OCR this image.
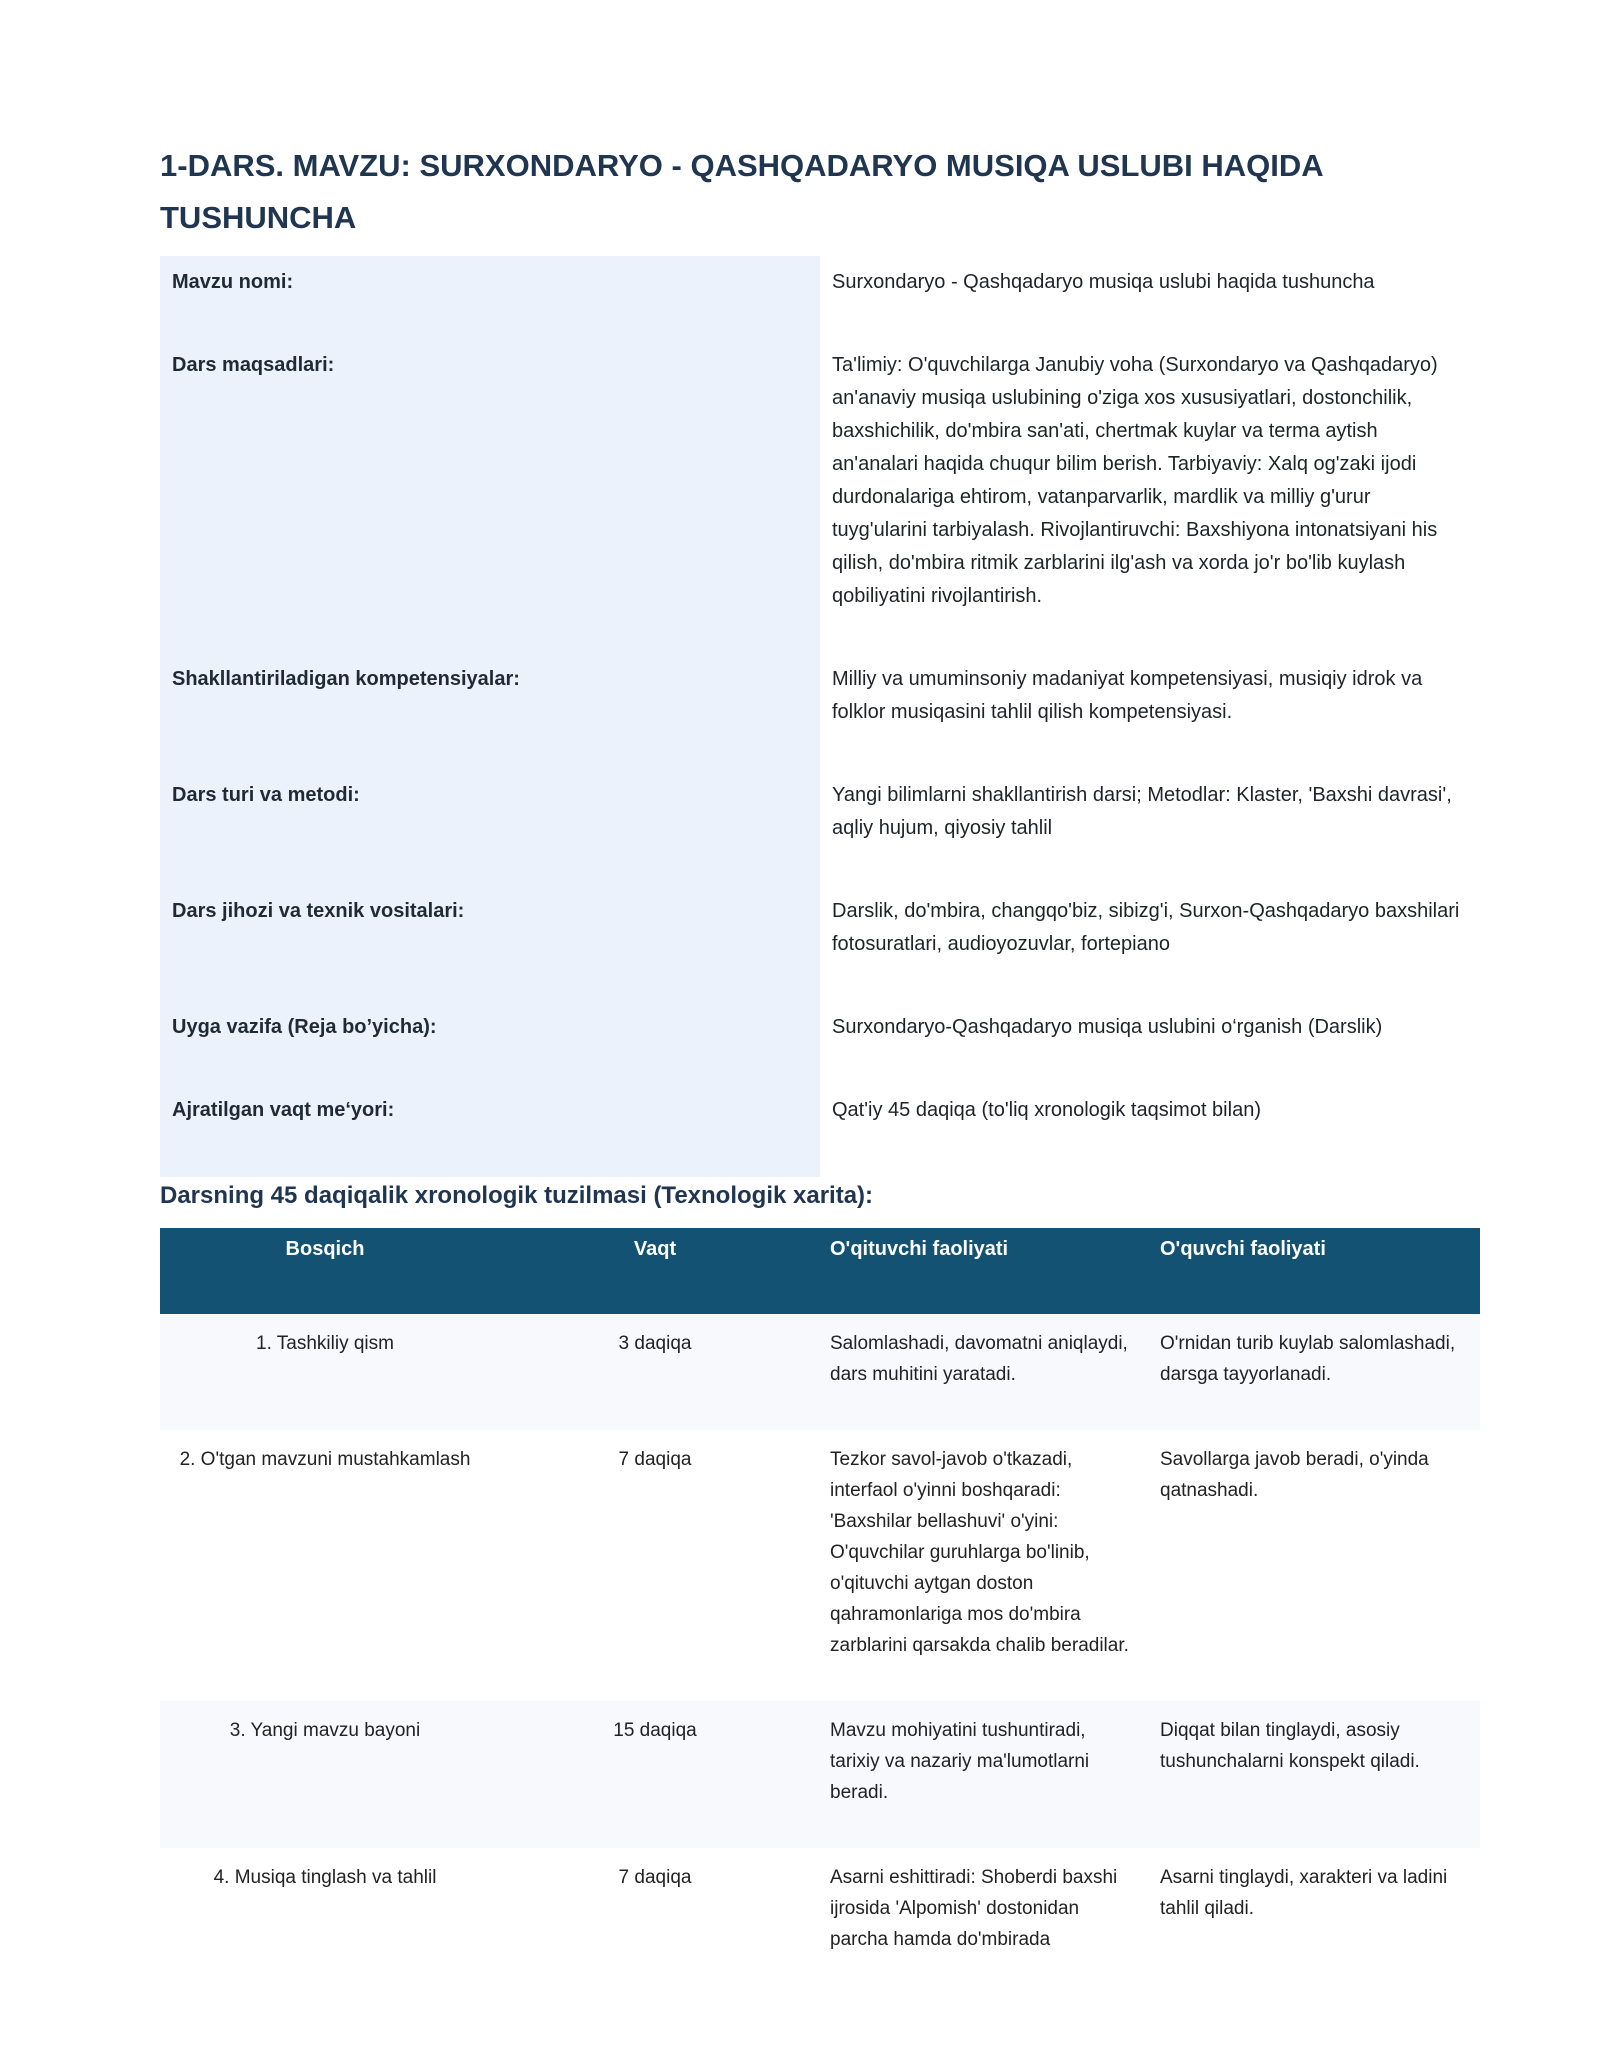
1-DARS. MAVZU: SURXONDARYO - QASHQADARYO MUSIQA USLUBI HAQIDA TUSHUNCHA
Mavzu nomi:	Surxondaryo - Qashqadaryo musiqa uslubi haqida tushuncha
Dars maqsadlari:	Ta'limiy: O'quvchilarga Janubiy voha (Surxondaryo va Qashqadaryo) an'anaviy musiqa uslubining o'ziga xos xususiyatlari, dostonchilik, baxshichilik, do'mbira san'ati, chertmak kuylar va terma aytish an'analari haqida chuqur bilim berish. Tarbiyaviy: Xalq og'zaki ijodi durdonalariga ehtirom, vatanparvarlik, mardlik va milliy g'urur tuyg'ularini tarbiyalash. Rivojlantiruvchi: Baxshiyona intonatsiyani his qilish, do'mbira ritmik zarblarini ilg'ash va xorda jo'r bo'lib kuylash qobiliyatini rivojlantirish.
Shakllantiriladigan kompetensiyalar:	Milliy va umuminsoniy madaniyat kompetensiyasi, musiqiy idrok va folklor musiqasini tahlil qilish kompetensiyasi.
Dars turi va metodi:	Yangi bilimlarni shakllantirish darsi; Metodlar: Klaster, 'Baxshi davrasi', aqliy hujum, qiyosiy tahlil
Dars jihozi va texnik vositalari:	Darslik, do'mbira, changqo'biz, sibizg'i, Surxon-Qashqadaryo baxshilari fotosuratlari, audioyozuvlar, fortepiano
Uyga vazifa (Reja bo’yicha):	Surxondaryo-Qashqadaryo musiqa uslubini o‘rganish (Darslik)
Ajratilgan vaqt me‘yori:	Qat'iy 45 daqiqa (to'liq xronologik taqsimot bilan)
Darsning 45 daqiqalik xronologik tuzilmasi (Texnologik xarita):
Bosqich	Vaqt	O'qituvchi faoliyati	O'quvchi faoliyati
1. Tashkiliy qism	3 daqiqa	Salomlashadi, davomatni aniqlaydi, dars muhitini yaratadi.	O'rnidan turib kuylab salomlashadi, darsga tayyorlanadi.
2. O'tgan mavzuni mustahkamlash	7 daqiqa	Tezkor savol-javob o'tkazadi, interfaol o'yinni boshqaradi: 'Baxshilar bellashuvi' o'yini: O'quvchilar guruhlarga bo'linib, o'qituvchi aytgan doston qahramonlariga mos do'mbira zarblarini qarsakda chalib beradilar.	Savollarga javob beradi, o'yinda qatnashadi.
3. Yangi mavzu bayoni	15 daqiqa	Mavzu mohiyatini tushuntiradi, tarixiy va nazariy ma'lumotlarni beradi.	Diqqat bilan tinglaydi, asosiy tushunchalarni konspekt qiladi.
4. Musiqa tinglash va tahlil	7 daqiqa	Asarni eshittiradi: Shoberdi baxshi ijrosida 'Alpomish' dostonidan parcha hamda do'mbirada	Asarni tinglaydi, xarakteri va ladini tahlil qiladi.
